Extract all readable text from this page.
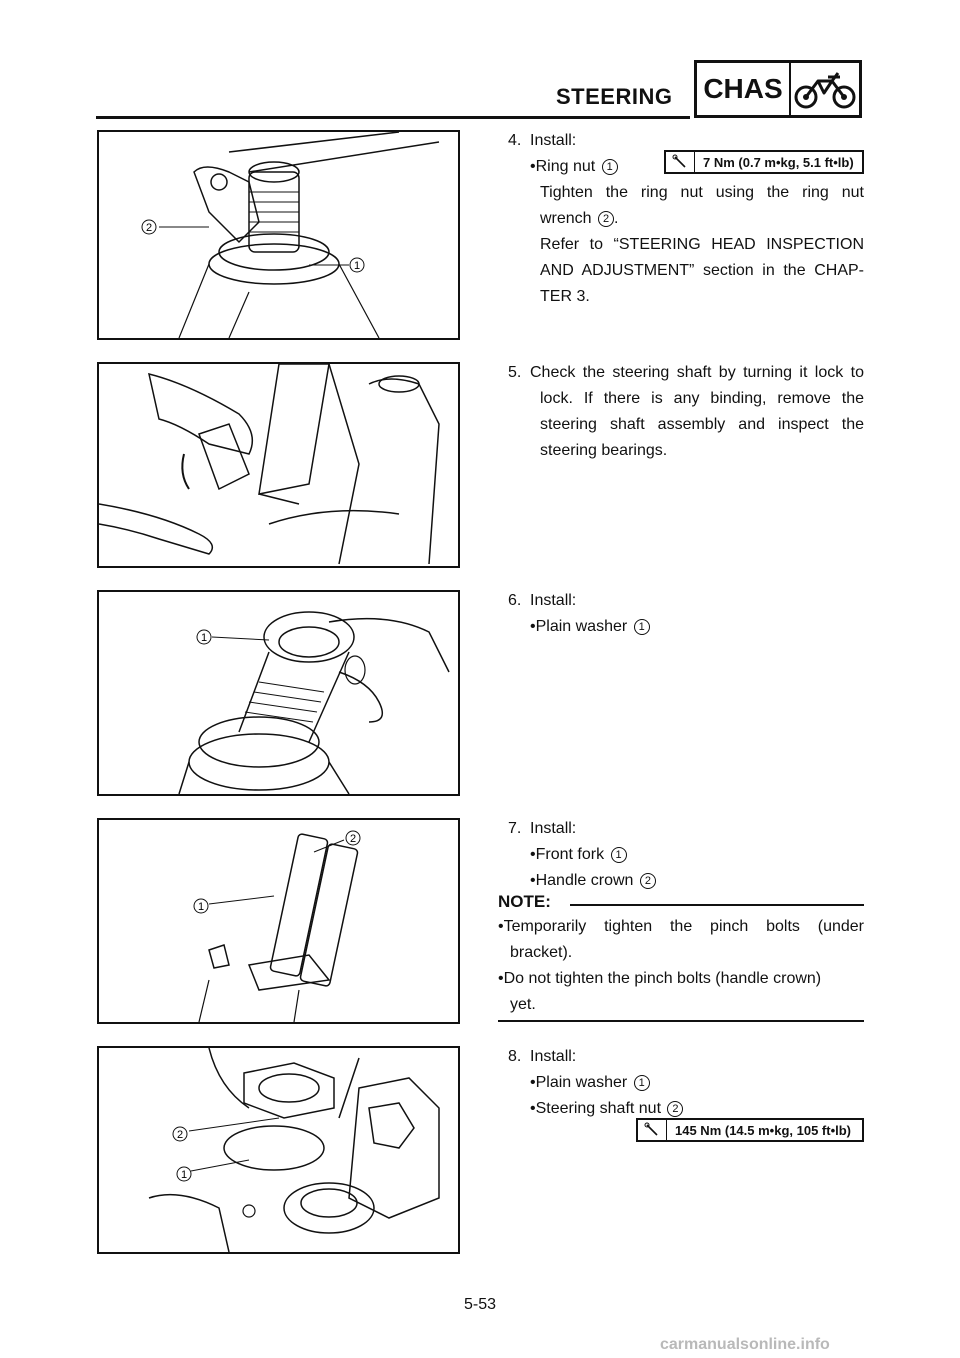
STEERING CHAS
2
1
4. Install:
•Ring nut 1	7 Nm (0.7 m•kg, 5.1 ft•lb)
Tighten the ring nut using the ring nut
wrench 2 .
Refer to “STEERING HEAD INSPECTION
AND ADJUSTMENT” section in the CHAP-
TER 3.
5. Check the steering shaft by turning it lock to
lock. If there is any binding, remove the
steering shaft assembly and inspect the
steering bearings.
1
6. Install:
•Plain washer 1
1
2
7. Install:
•Front fork 1
•Handle crown 2
NOTE:
•Temporarily tighten the pinch bolts (under
bracket).
•Do not tighten the pinch bolts (handle crown)
yet.
2
1
8. Install:
•Plain washer 1
•Steering shaft nut 2
145 Nm (14.5 m•kg, 105 ft•lb)
5-53
carmanualsonline.info
